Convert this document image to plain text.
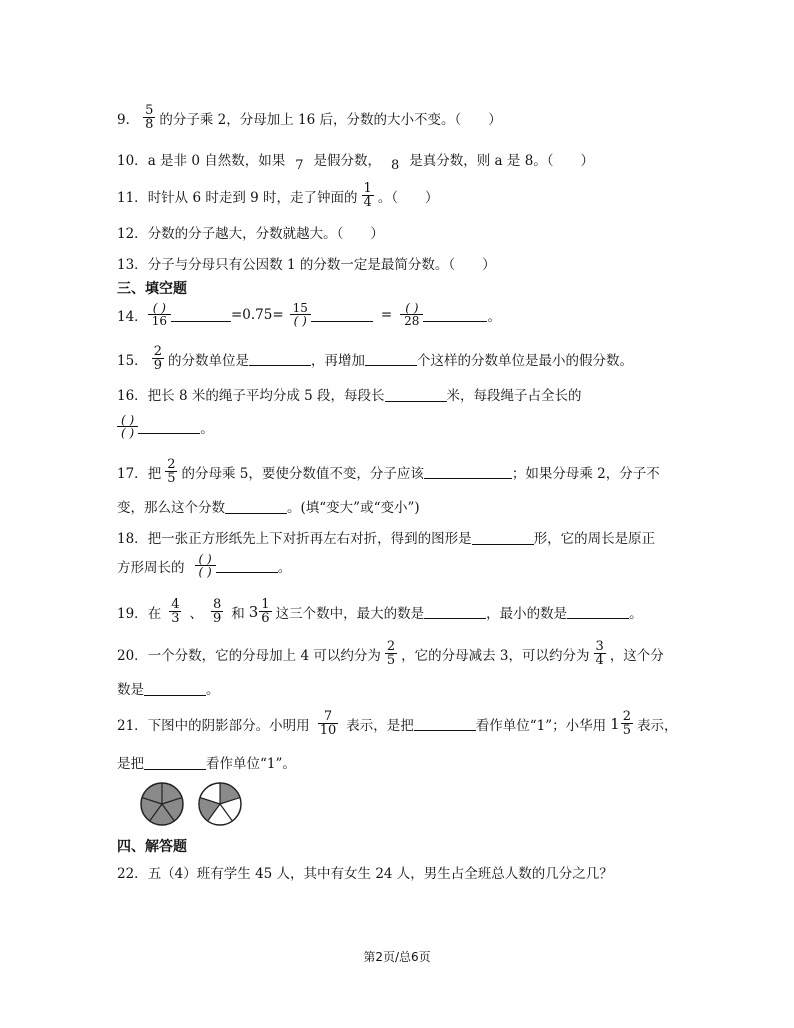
9． $\frac{5}{8}$ 的分子乘 2，分母加上 16 后，分数的大小不变。（　　）
10． a 是非 0 自然数，如果
7 是假分数，
8 是真分数，则 a 是 8。（　　）
11． 时针从 6 时走到 9 时，走了钟面的 $\frac{1}{4}$ 。（　　）
12． 分数的分子越大，分数就越大。（　　）
13． 分子与分母只有公因数 1 的分数一定是最简分数。（　　）
三、填空题
14．
( )
16	=0.75= 15
( )	= ( )
28	。
15． $\frac{2}{9}$ 的分数单位是	，再增加	个这样的分数单位是最小的假分数。
16． 把长 8 米的绳子平均分成 5 段，每段长	米，每段绳子占全长的
( )
( )	。
17． 把 $\frac{2}{5}$ 的分母乘 5，要使分数值不变，分子应该	；如果分母乘 2，分子不
变，那么这个分数	。(填“变大”或“变小”)
18． 把一张正方形纸先上下对折再左右对折，得到的图形是	形，它的周长是原正
方形周长的
( )
( )	。
19． 在 $\frac{4}{3}$ 、 $\frac{8}{9}$ 和 $3 \frac{1}{6}$ 这三个数中，最大的数是	，最小的数是	。
20． 一个分数，它的分母加上 4 可以约分为 $\frac{2}{5}$ ，它的分母减去 3，可以约分为 $\frac{3}{4}$ ，这个分
数是	。
21． 下图中的阴影部分。小明用 $\frac{7}{10}$ 表示，是把	看作单位“1”；小华用 $1 \frac{2}{5}$ 表示，
是把	看作单位“1”。
四、解答题
22． 五（4）班有学生 45 人，其中有女生 24 人，男生占全班总人数的几分之几？
第2页/总6页
